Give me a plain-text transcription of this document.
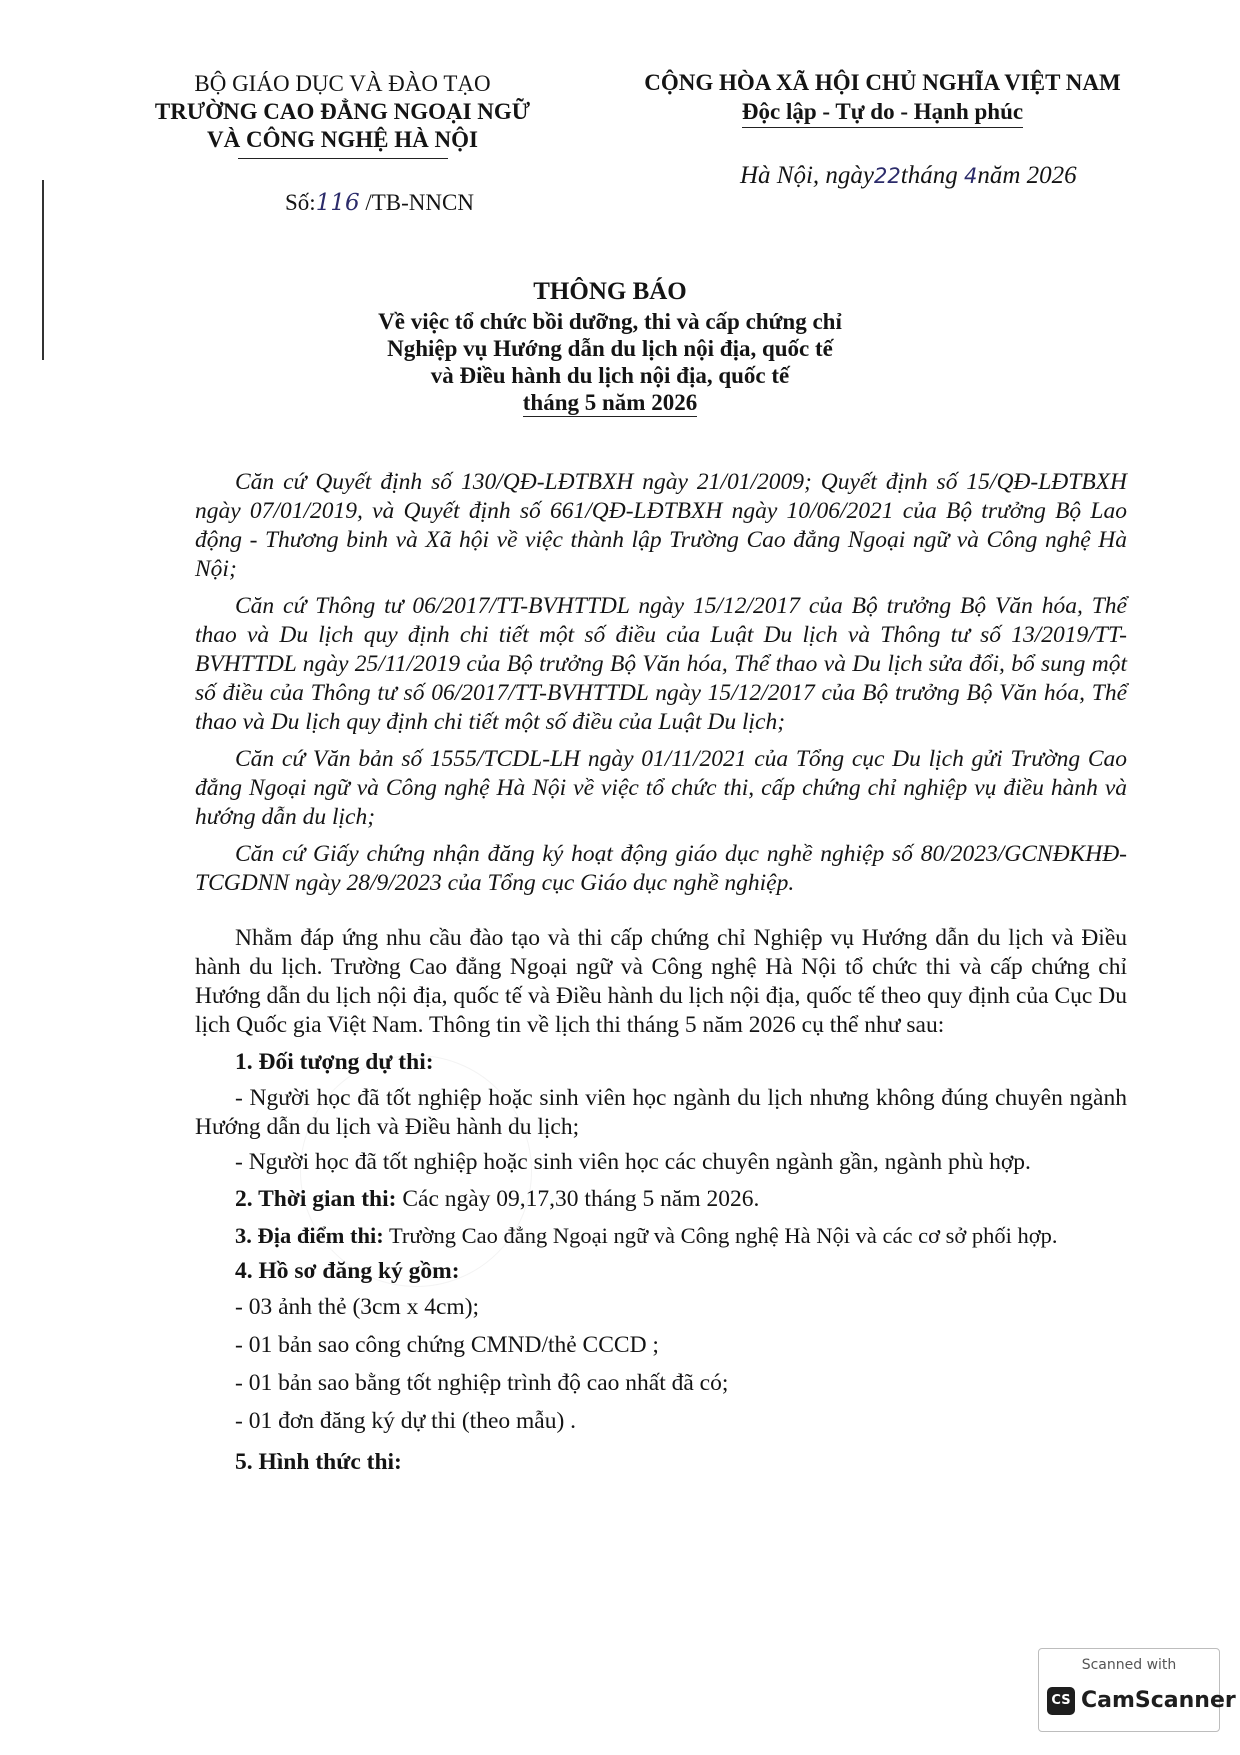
BỘ GIÁO DỤC VÀ ĐÀO TẠO
TRƯỜNG CAO ĐẲNG NGOẠI NGỮ
VÀ CÔNG NGHỆ HÀ NỘI
CỘNG HÒA XÃ HỘI CHỦ NGHĨA VIỆT NAM
Độc lập - Tự do - Hạnh phúc
Số:116 /TB-NNCN
Hà Nội, ngày22tháng 4năm 2026
THÔNG BÁO
Về việc tổ chức bồi dưỡng, thi và cấp chứng chỉ
Nghiệp vụ Hướng dẫn du lịch nội địa, quốc tế
và Điều hành du lịch nội địa, quốc tế
tháng 5 năm 2026

Căn cứ Quyết định số 130/QĐ-LĐTBXH ngày 21/01/2009; Quyết định số 15/QĐ-LĐTBXH ngày 07/01/2019, và Quyết định số 661/QĐ-LĐTBXH ngày 10/06/2021 của Bộ trưởng Bộ Lao động - Thương binh và Xã hội về việc thành lập Trường Cao đẳng Ngoại ngữ và Công nghệ Hà Nội;

Căn cứ Thông tư 06/2017/TT-BVHTTDL ngày 15/12/2017 của Bộ trưởng Bộ Văn hóa, Thể thao và Du lịch quy định chi tiết một số điều của Luật Du lịch và Thông tư số 13/2019/TT-BVHTTDL ngày 25/11/2019 của Bộ trưởng Bộ Văn hóa, Thể thao và Du lịch sửa đổi, bổ sung một số điều của Thông tư số 06/2017/TT-BVHTTDL ngày 15/12/2017 của Bộ trưởng Bộ Văn hóa, Thể thao và Du lịch quy định chi tiết một số điều của Luật Du lịch;

Căn cứ Văn bản số 1555/TCDL-LH ngày 01/11/2021 của Tổng cục Du lịch gửi Trường Cao đẳng Ngoại ngữ và Công nghệ Hà Nội về việc tổ chức thi, cấp chứng chỉ nghiệp vụ điều hành và hướng dẫn du lịch;

Căn cứ Giấy chứng nhận đăng ký hoạt động giáo dục nghề nghiệp số 80/2023/GCNĐKHĐ-TCGDNN ngày 28/9/2023 của Tổng cục Giáo dục nghề nghiệp.

Nhằm đáp ứng nhu cầu đào tạo và thi cấp chứng chỉ Nghiệp vụ Hướng dẫn du lịch và Điều hành du lịch. Trường Cao đẳng Ngoại ngữ và Công nghệ Hà Nội tổ chức thi và cấp chứng chỉ Hướng dẫn du lịch nội địa, quốc tế và Điều hành du lịch nội địa, quốc tế theo quy định của Cục Du lịch Quốc gia Việt Nam. Thông tin về lịch thi tháng 5 năm 2026 cụ thể như sau:

1. Đối tượng dự thi:

- Người học đã tốt nghiệp hoặc sinh viên học ngành du lịch nhưng không đúng chuyên ngành Hướng dẫn du lịch và Điều hành du lịch;

- Người học đã tốt nghiệp hoặc sinh viên học các chuyên ngành gần, ngành phù hợp.

2. Thời gian thi: Các ngày 09,17,30 tháng 5 năm 2026.

3. Địa điểm thi: Trường Cao đẳng Ngoại ngữ và Công nghệ Hà Nội và các cơ sở phối hợp.

4. Hồ sơ đăng ký gồm:

- 03 ảnh thẻ (3cm x 4cm);

- 01 bản sao công chứng CMND/thẻ CCCD ;

- 01 bản sao bằng tốt nghiệp trình độ cao nhất đã có;

- 01 đơn đăng ký dự thi (theo mẫu) .

5. Hình thức thi:

Scanned with
CS CamScanner
